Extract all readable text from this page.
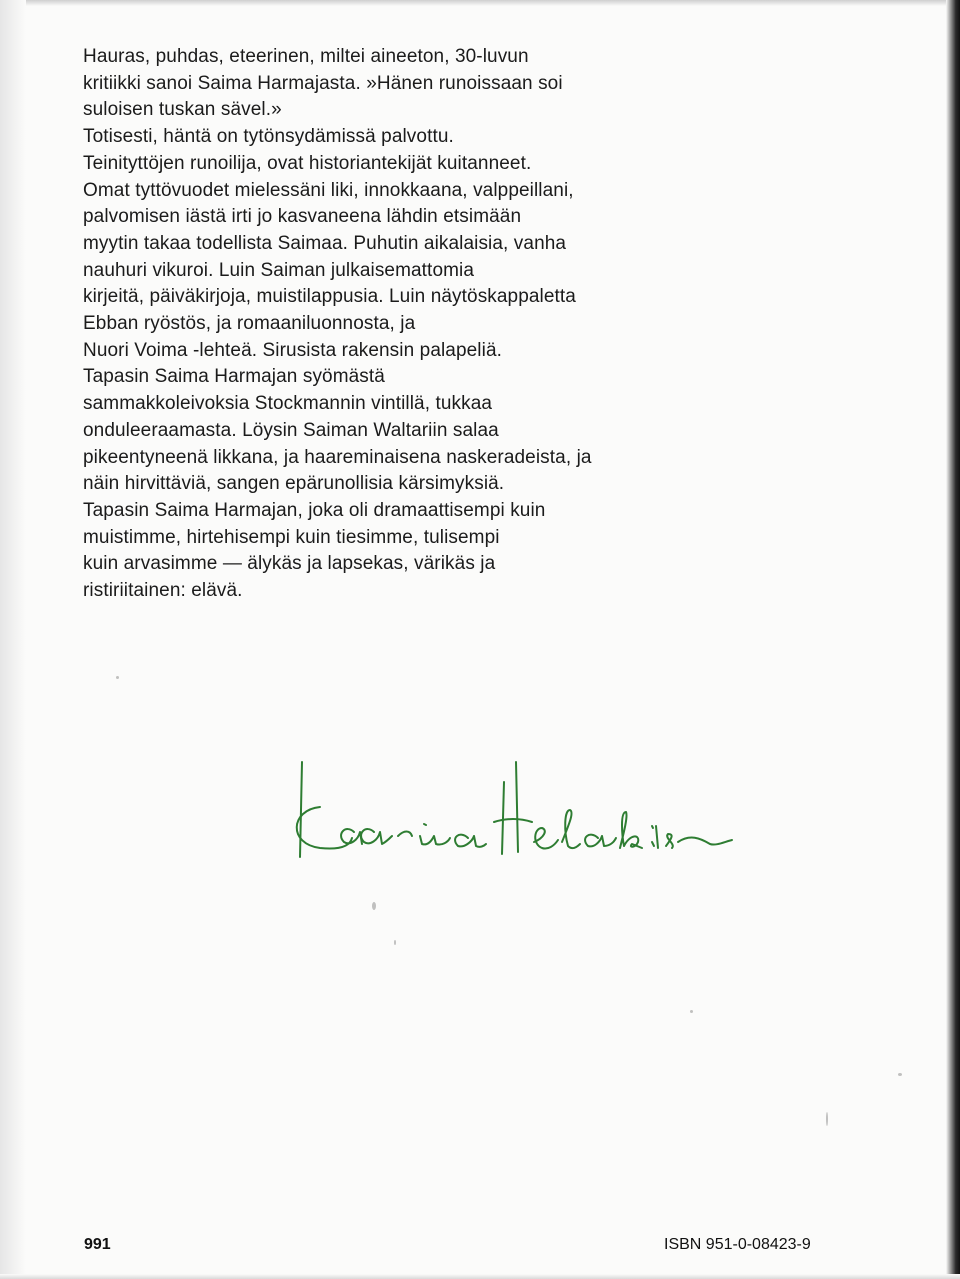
Hauras, puhdas, eteerinen, miltei aineeton, 30-luvun
kritiikki sanoi Saima Harmajasta. »Hänen runoissaan soi
suloisen tuskan sävel.»
Totisesti, häntä on tytönsydämissä palvottu.
Teinityttöjen runoilija, ovat historiantekijät kuitanneet.
Omat tyttövuodet mielessäni liki, innokkaana, valppeillani,
palvomisen iästä irti jo kasvaneena lähdin etsimään
myytin takaa todellista Saimaa. Puhutin aikalaisia, vanha
nauhuri vikuroi. Luin Saiman julkaisemattomia
kirjeitä, päiväkirjoja, muistilappusia. Luin näytöskappaletta
Ebban ryöstös, ja romaaniluonnosta, ja
Nuori Voima -lehteä. Sirusista rakensin palapeliä.
Tapasin Saima Harmajan syömästä
sammakkoleivoksia Stockmannin vintillä, tukkaa
onduleeraamasta. Löysin Saiman Waltariin salaa
pikeentyneenä likkana, ja haareminaisena naskeradeista, ja
näin hirvittäviä, sangen epärunollisia kärsimyksiä.
Tapasin Saima Harmajan, joka oli dramaattisempi kuin
muistimme, hirtehisempi kuin tiesimme, tulisempi
kuin arvasimme — älykäs ja lapsekas, värikäs ja
ristiriitainen: elävä.
991	ISBN 951-0-08423-9
